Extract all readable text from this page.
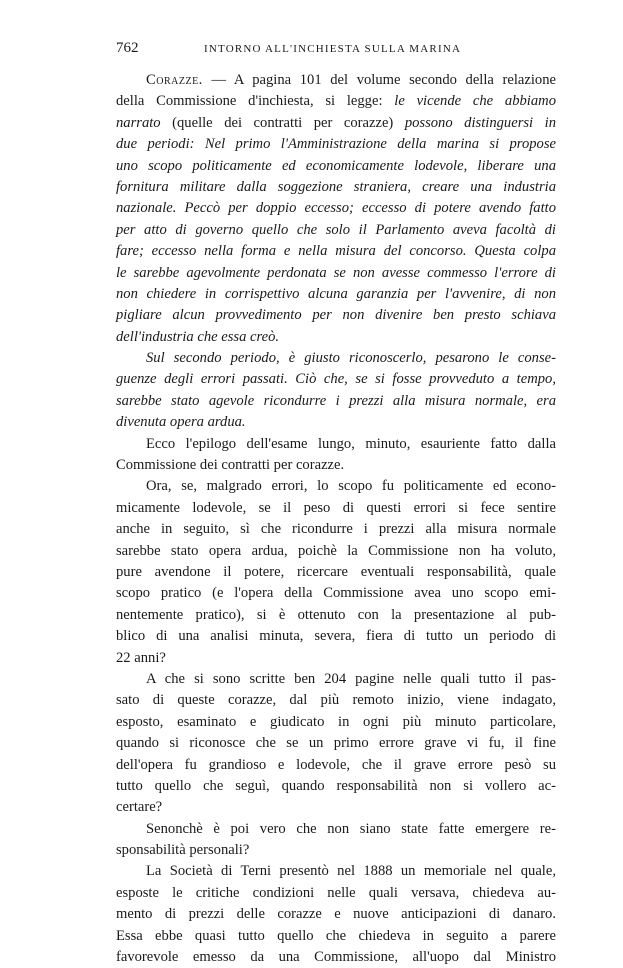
762	INTORNO ALL'INCHIESTA SULLA MARINA
Corazze. — A pagina 101 del volume secondo della relazione
della Commissione d'inchiesta, si legge: le vicende che abbiamo
narrato (quelle dei contratti per corazze) possono distinguersi in
due periodi: Nel primo l'Amministrazione della marina si propose
uno scopo politicamente ed economicamente lodevole, liberare una
fornitura militare dalla soggezione straniera, creare una industria
nazionale. Peccò per doppio eccesso; eccesso di potere avendo fatto
per atto di governo quello che solo il Parlamento aveva facoltà di
fare; eccesso nella forma e nella misura del concorso. Questa colpa
le sarebbe agevolmente perdonata se non avesse commesso l'errore di
non chiedere in corrispettivo alcuna garanzia per l'avvenire, di non
pigliare alcun provvedimento per non divenire ben presto schiava
dell'industria che essa creò.
Sul secondo periodo, è giusto riconoscerlo, pesarono le conse-
guenze degli errori passati. Ciò che, se si fosse provveduto a tempo,
sarebbe stato agevole ricondurre i prezzi alla misura normale, era
divenuta opera ardua.
Ecco l'epilogo dell'esame lungo, minuto, esauriente fatto dalla
Commissione dei contratti per corazze.
Ora, se, malgrado errori, lo scopo fu politicamente ed econo-
micamente lodevole, se il peso di questi errori si fece sentire
anche in seguito, sì che ricondurre i prezzi alla misura normale
sarebbe stato opera ardua, poichè la Commissione non ha voluto,
pure avendone il potere, ricercare eventuali responsabilità, quale
scopo pratico (e l'opera della Commissione avea uno scopo emi-
nentemente pratico), si è ottenuto con la presentazione al pub-
blico di una analisi minuta, severa, fiera di tutto un periodo di
22 anni?
A che si sono scritte ben 204 pagine nelle quali tutto il pas-
sato di queste corazze, dal più remoto inizio, viene indagato,
esposto, esaminato e giudicato in ogni più minuto particolare,
quando si riconosce che se un primo errore grave vi fu, il fine
dell'opera fu grandioso e lodevole, che il grave errore pesò su
tutto quello che seguì, quando responsabilità non si vollero ac-
certare?
Senonchè è poi vero che non siano state fatte emergere re-
sponsabilità personali?
La Società di Terni presentò nel 1888 un memoriale nel quale,
esposte le critiche condizioni nelle quali versava, chiedeva au-
mento di prezzi delle corazze e nuove anticipazioni di danaro.
Essa ebbe quasi tutto quello che chiedeva in seguito a parere
favorevole emesso da una Commissione, all'uopo dal Ministro
